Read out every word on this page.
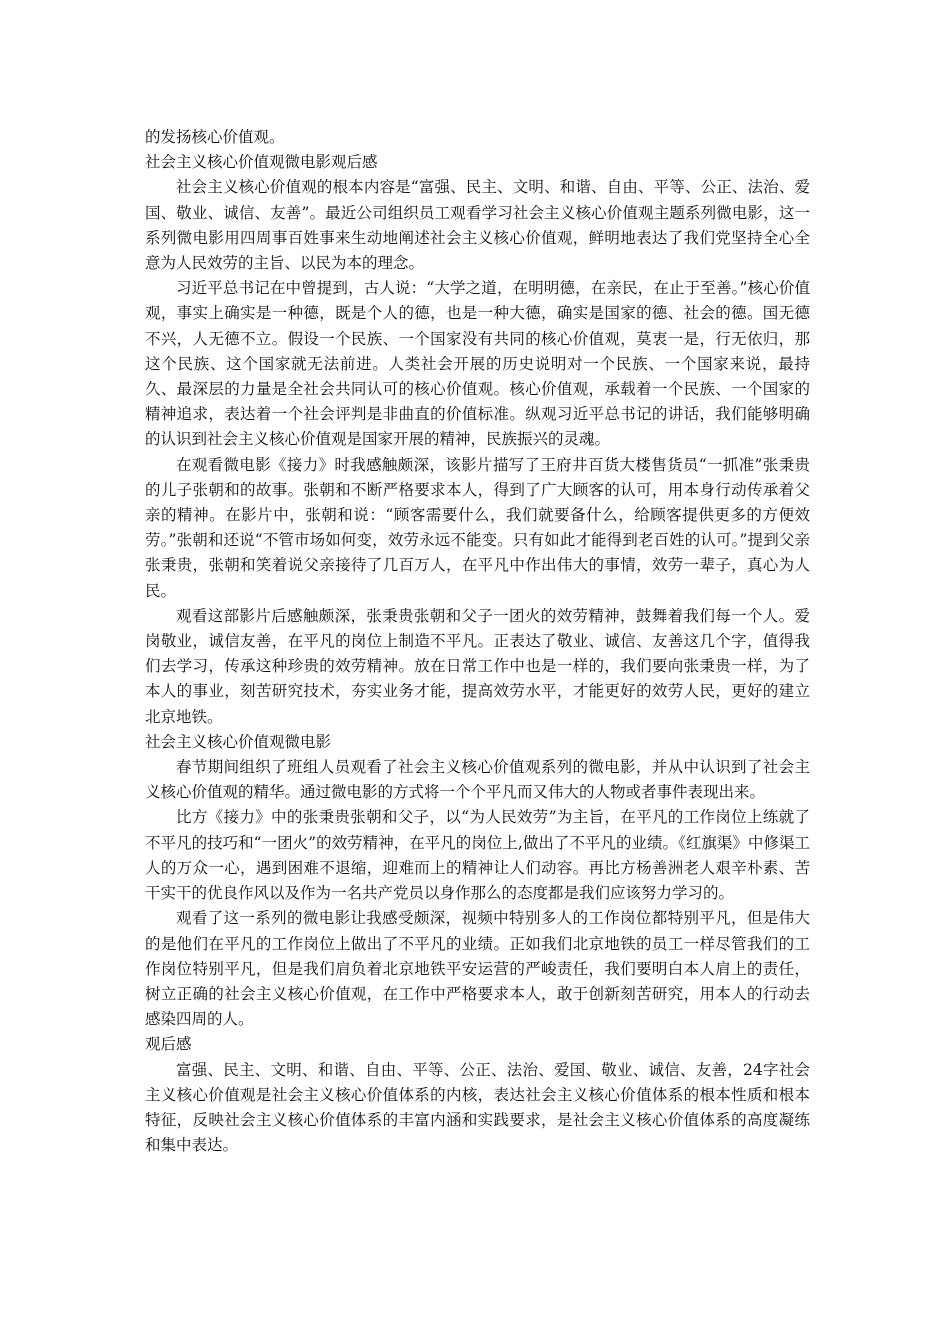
的发扬核心价值观。

社会主义核心价值观微电影观后感

社会主义核心价值观的根本内容是“富强、民主、文明、和谐、自由、平等、公正、法治、爱国、敬业、诚信、友善”。最近公司组织员工观看学习社会主义核心价值观主题系列微电影，这一系列微电影用四周事百姓事来生动地阐述社会主义核心价值观，鲜明地表达了我们党坚持全心全意为人民效劳的主旨、以民为本的理念。

习近平总书记在中曾提到，古人说：“大学之道，在明明德，在亲民，在止于至善。”核心价值观，事实上确实是一种德，既是个人的德，也是一种大德，确实是国家的德、社会的德。国无德不兴，人无德不立。假设一个民族、一个国家没有共同的核心价值观，莫衷一是，行无依归，那这个民族、这个国家就无法前进。人类社会开展的历史说明对一个民族、一个国家来说，最持久、最深层的力量是全社会共同认可的核心价值观。核心价值观，承载着一个民族、一个国家的精神追求，表达着一个社会评判是非曲直的价值标准。纵观习近平总书记的讲话，我们能够明确的认识到社会主义核心价值观是国家开展的精神，民族振兴的灵魂。

在观看微电影《接力》时我感触颇深，该影片描写了王府井百货大楼售货员“一抓准”张秉贵的儿子张朝和的故事。张朝和不断严格要求本人，得到了广大顾客的认可，用本身行动传承着父亲的精神。在影片中，张朝和说：“顾客需要什么，我们就要备什么，给顾客提供更多的方便效劳。”张朝和还说“不管市场如何变，效劳永远不能变。只有如此才能得到老百姓的认可。”提到父亲张秉贵，张朝和笑着说父亲接待了几百万人，在平凡中作出伟大的事情，效劳一辈子，真心为人民。

观看这部影片后感触颇深，张秉贵张朝和父子一团火的效劳精神，鼓舞着我们每一个人。爱岗敬业，诚信友善，在平凡的岗位上制造不平凡。正表达了敬业、诚信、友善这几个字，值得我们去学习，传承这种珍贵的效劳精神。放在日常工作中也是一样的，我们要向张秉贵一样，为了本人的事业，刻苦研究技术，夯实业务才能，提高效劳水平，才能更好的效劳人民，更好的建立北京地铁。

社会主义核心价值观微电影

春节期间组织了班组人员观看了社会主义核心价值观系列的微电影，并从中认识到了社会主义核心价值观的精华。通过微电影的方式将一个个平凡而又伟大的人物或者事件表现出来。

比方《接力》中的张秉贵张朝和父子，以“为人民效劳”为主旨，在平凡的工作岗位上练就了不平凡的技巧和“一团火”的效劳精神，在平凡的岗位上,做出了不平凡的业绩。《红旗渠》中修渠工人的万众一心，遇到困难不退缩，迎难而上的精神让人们动容。再比方杨善洲老人艰辛朴素、苦干实干的优良作风以及作为一名共产党员以身作那么的态度都是我们应该努力学习的。

观看了这一系列的微电影让我感受颇深，视频中特别多人的工作岗位都特别平凡，但是伟大的是他们在平凡的工作岗位上做出了不平凡的业绩。正如我们北京地铁的员工一样尽管我们的工作岗位特别平凡，但是我们肩负着北京地铁平安运营的严峻责任，我们要明白本人肩上的责任，树立正确的社会主义核心价值观，在工作中严格要求本人，敢于创新刻苦研究，用本人的行动去感染四周的人。

观后感

富强、民主、文明、和谐、自由、平等、公正、法治、爱国、敬业、诚信、友善，24字社会主义核心价值观是社会主义核心价值体系的内核，表达社会主义核心价值体系的根本性质和根本特征，反映社会主义核心价值体系的丰富内涵和实践要求，是社会主义核心价值体系的高度凝练和集中表达。
